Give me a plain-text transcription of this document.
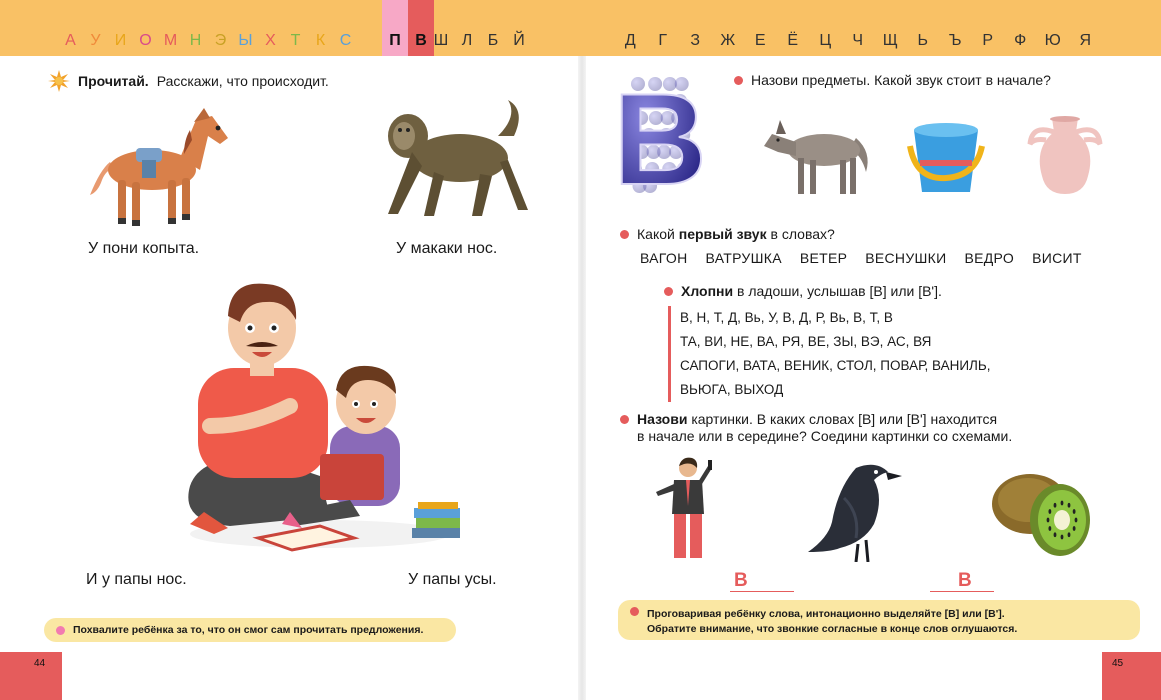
А У И О М Н Э Ы Х Т К С	П В Ш Л Б Й	Д Г З Ж Е Ё Ц Ч Щ Ь Ъ Р Ф Ю Я
Прочитай. Расскажи, что происходит.
У пони копыта.	У макаки нос.
И у папы нос.	У папы усы.
Похвалите ребёнка за то, что он смог сам прочитать предложения.
44
В	Назови предметы. Какой звук стоит в начале?
Какой первый звук в словах?
ВАГОН ВАТРУШКА ВЕТЕР ВЕСНУШКИ ВЕДРО ВИСИТ
Хлопни в ладоши, услышав [В] или [В'].
В, Н, Т, Д, Вь, У, В, Д, Р, Вь, В, Т, В
ТА, ВИ, НЕ, ВА, РЯ, ВЕ, ЗЫ, ВЭ, АС, ВЯ
САПОГИ, ВАТА, ВЕНИК, СТОЛ, ПОВАР, ВАНИЛЬ,
ВЬЮГА, ВЫХОД
Назови картинки. В каких словах [В] или [В'] находится
в начале или в середине? Соедини картинки со схемами.
В	В
Проговаривая ребёнку слова, интонационно выделяйте [В] или [В'].
Обратите внимание, что звонкие согласные в конце слов оглушаются.
45
